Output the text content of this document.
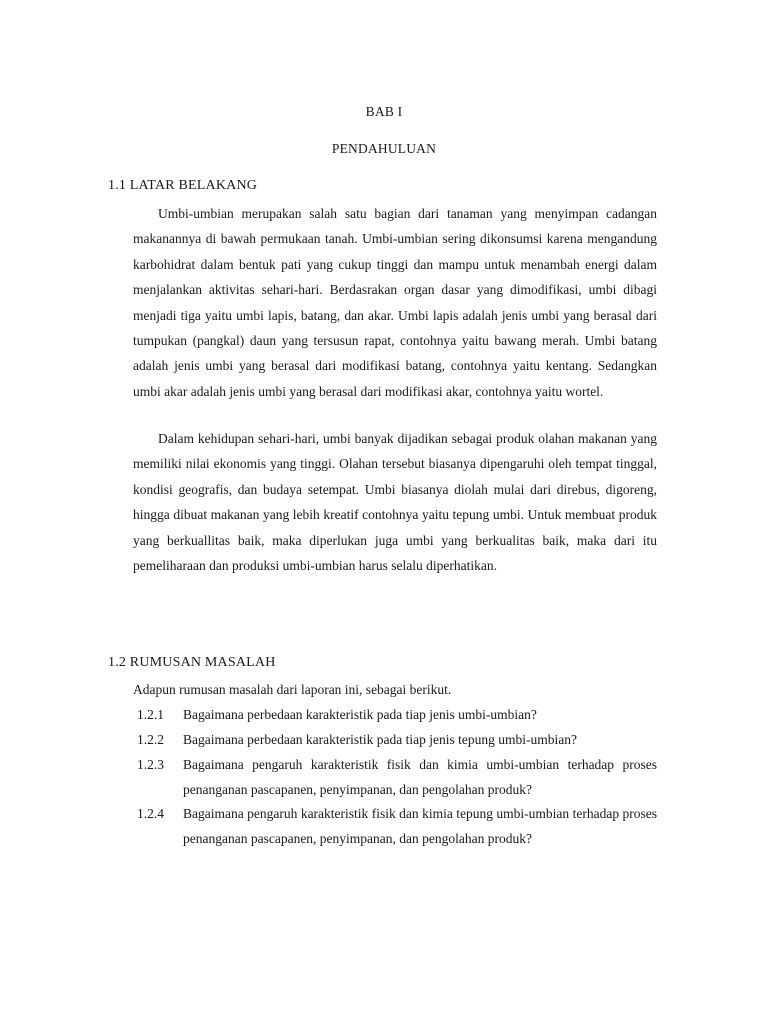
BAB I
PENDAHULUAN
1.1 LATAR BELAKANG

Umbi-umbian merupakan salah satu bagian dari tanaman yang menyimpan cadangan makanannya di bawah permukaan tanah. Umbi-umbian sering dikonsumsi karena mengandung karbohidrat dalam bentuk pati yang cukup tinggi dan mampu untuk menambah energi dalam menjalankan aktivitas sehari-hari. Berdasrakan organ dasar yang dimodifikasi, umbi dibagi menjadi tiga yaitu umbi lapis, batang, dan akar. Umbi lapis adalah jenis umbi yang berasal dari tumpukan (pangkal) daun yang tersusun rapat, contohnya yaitu bawang merah. Umbi batang adalah jenis umbi yang berasal dari modifikasi batang, contohnya yaitu kentang. Sedangkan umbi akar adalah jenis umbi yang berasal dari modifikasi akar, contohnya yaitu wortel.

Dalam kehidupan sehari-hari, umbi banyak dijadikan sebagai produk olahan makanan yang memiliki nilai ekonomis yang tinggi. Olahan tersebut biasanya dipengaruhi oleh tempat tinggal, kondisi geografis, dan budaya setempat. Umbi biasanya diolah mulai dari direbus, digoreng, hingga dibuat makanan yang lebih kreatif contohnya yaitu tepung umbi. Untuk membuat produk yang berkuallitas baik, maka diperlukan juga umbi yang berkualitas baik, maka dari itu pemeliharaan dan produksi umbi-umbian harus selalu diperhatikan.

1.2 RUMUSAN MASALAH
Adapun rumusan masalah dari laporan ini, sebagai berikut.
1.2.1	Bagaimana perbedaan karakteristik pada tiap jenis umbi-umbian?
1.2.2	Bagaimana perbedaan karakteristik pada tiap jenis tepung umbi-umbian?
1.2.3	Bagaimana pengaruh karakteristik fisik dan kimia umbi-umbian terhadap proses penanganan pascapanen, penyimpanan, dan pengolahan produk?
1.2.4	Bagaimana pengaruh karakteristik fisik dan kimia tepung umbi-umbian terhadap proses penanganan pascapanen, penyimpanan, dan pengolahan produk?
